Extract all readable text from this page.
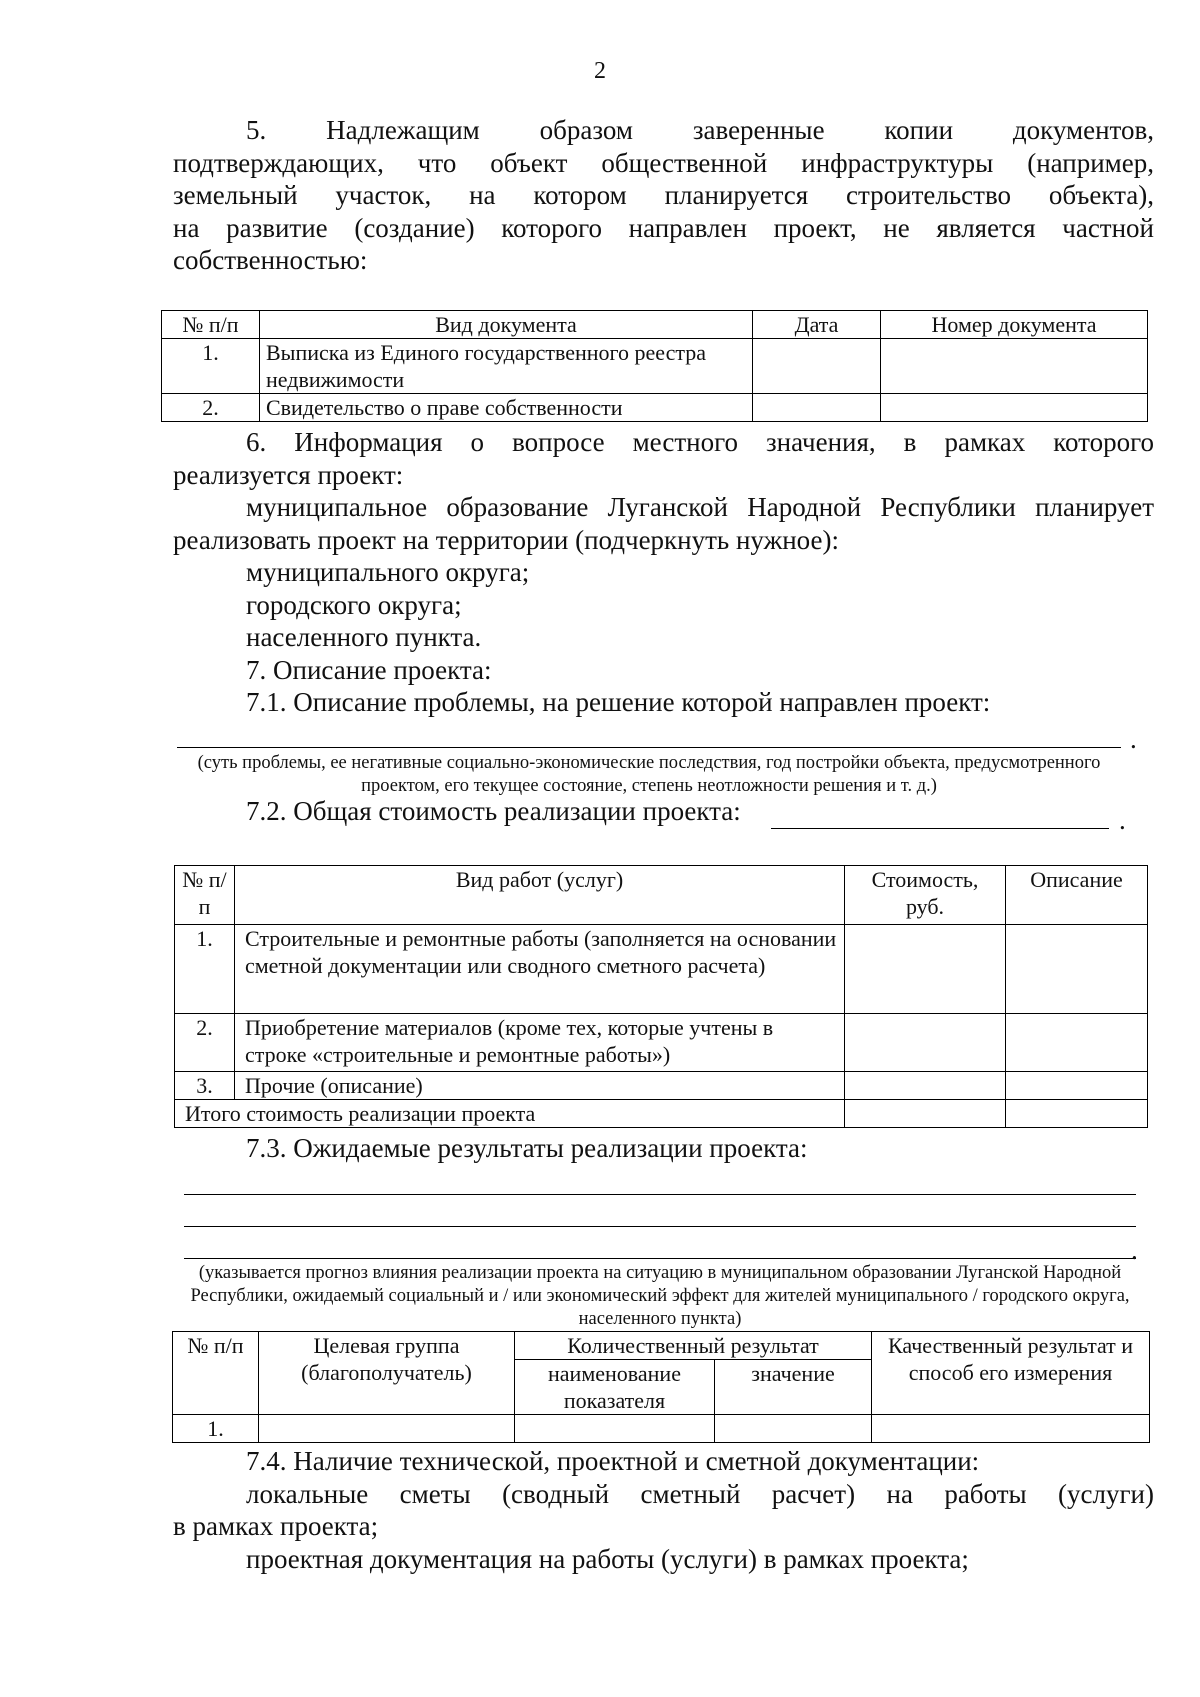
2
5. Надлежащим образом заверенные копии документов,
подтверждающих, что объект общественной инфраструктуры (например,
земельный участок, на котором планируется строительство объекта),
на развитие (создание) которого направлен проект, не является частной
собственностью:
№ п/п	Вид документа	Дата	Номер документа
1.	Выписка из Единого государственного реестра недвижимости		
2.	Свидетельство о праве собственности		
6. Информация о вопросе местного значения, в рамках которого
реализуется проект:
муниципальное образование Луганской Народной Республики планирует
реализовать проект на территории (подчеркнуть нужное):
муниципального округа;
городского округа;
населенного пункта.
7. Описание проекта:
7.1. Описание проблемы, на решение которой направлен проект:
.
(суть проблемы, ее негативные социально-экономические последствия, год постройки объекта, предусмотренного проектом, его текущее состояние, степень неотложности решения и т. д.)
7.2. Общая стоимость реализации проекта:	.
№ п/п	Вид работ (услуг)	Стоимость, руб.	Описание
1.	Строительные и ремонтные работы (заполняется на основании сметной документации или сводного сметного расчета)		
2.	Приобретение материалов (кроме тех, которые учтены в строке «строительные и ремонтные работы»)		
3.	Прочие (описание)		
Итого стоимость реализации проекта			
7.3. Ожидаемые результаты реализации проекта:
.
(указывается прогноз влияния реализации проекта на ситуацию в муниципальном образовании Луганской Народной Республики, ожидаемый социальный и / или экономический эффект для жителей муниципального / городского округа, населенного пункта)
№ п/п	Целевая группа (благополучатель)	Количественный результат		Качественный результат и способ его измерения
		наименование показателя	значение	
1.				
7.4. Наличие технической, проектной и сметной документации:
локальные сметы (сводный сметный расчет) на работы (услуги)
в рамках проекта;
проектная документация на работы (услуги) в рамках проекта;
